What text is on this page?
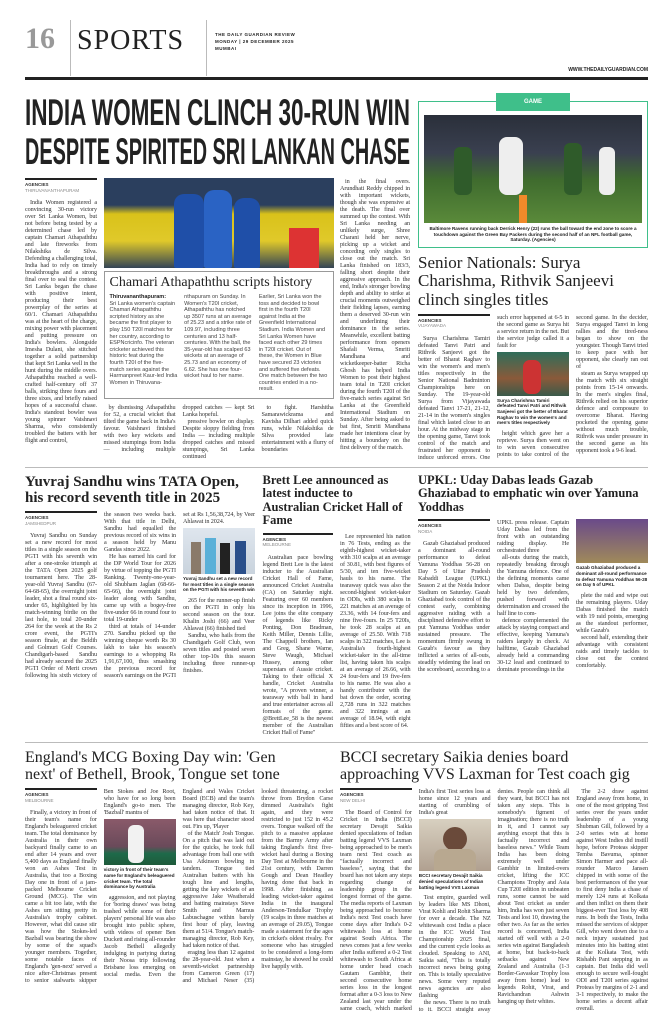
16 SPORTS	THE DAILY GUARDIAN REVIEW
MONDAY | 29 DECEMBER 2025
MUMBAI
WWW.THEDAILYGUARDIAN.COM
INDIA WOMEN CLINCH 30-RUN WIN
DESPITE SPIRITED SRI LANKAN CHASE
AGENCIES
THIRUVANANTHAPURAM
India Women registered a convincing 30-run victory over Sri Lanka Women, but not before being tested by a determined chase led by captain Chamari Athapaththu and late fireworks from Nilakshika de Silva. Defending a challenging total, India had to rely on timely breakthroughs and a strong final over to seal the contest. Sri Lanka began the chase with positive intent, producing their best powerplay of the series at 60/1. Chamari Athapaththu was at the heart of the charge, mixing power with placement and putting pressure on India's bowlers. Alongside Imesha Dulani, she stitched together a solid partnership that kept Sri Lanka well in the hunt during the middle overs. Athapaththu reached a well-crafted half-century off 37 balls, striking three fours and three sixes, and briefly raised hopes of a successful chase. India's standout bowler was young spinner Vaishnavi Sharma, who consistently troubled the batters with her flight and control,
Chamari Athapaththu scripts history
Thiruvananthapuram:
Sri Lanka women's captain Chamari Athapaththu scripted history as she became the first player to play 150 T20I matches for her country, according to ESPNcricinfo. The veteran cricketer achieved this historic feat during the fourth T20I of the five-match series against the Harmanpreet Kaur-led India Women in Thiruvana-
nthapuram on Sunday. In Women's T20I cricket, Athapaththu has notched up 3507 runs at an average of 25.23 and a strike rate of 109.97, including three centuries and 13 half-centuries. With the ball, the 35-year-old has scalped 63 wickets at an average of 25.73 and an economy of 6.62. She has one four-wicket haul to her name.
Earlier, Sri Lanka won the toss and decided to bowl first in the fourth T20I against India at the Greenfield International Stadium. India Women and Sri Lanka Women have faced each other 29 times in T20I cricket. Out of these, the Women in Blue have secured 23 victories and suffered five defeats. One match between the two countries ended in a no-result.
by dismissing Athapaththu for 52, a crucial wicket that tilted the game back in India's favour. Vaishnavi finished with two key wickets and missed stumpings from India — including multiple dropped catches — kept Sri Lanka hopeful.
pressive bowler on display. Despite sloppy fielding from India — including multiple dropped catches and missed stumpings, Sri Lanka continued
to fight. Harshitha Samarawickrama and Kavisha Dilhari added quick runs, while Nilakshika de Silva provided late entertainment with a flurry of boundaries
in the final overs. Arundhati Reddy chipped in with important wickets, though she was expensive at the death. The final over summed up the contest. With Sri Lanka needing an unlikely surge, Shree Charani held her nerve, picking up a wicket and conceding only singles to close out the match. Sri Lanka finished on 183/3, falling short despite their aggressive approach. In the end, India's stronger bowling depth and ability to strike at crucial moments outweighed their fielding lapses, earning them a deserved 30-run win and underlining their dominance in the series. Meanwhile, excellent batting performance from openers Shafali Verma, Smriti Mandhana and wicketkeeper-batter Richa Ghosh has helped India Women to post their highest team total in T20I cricket during the fourth T20I of the five-match series against Sri Lanka at the Greenfield International Stadium on Sunday. After being asked to bat first, Smriti Mandhana made her intentions clear by hitting a boundary on the first delivery of the match.
GAME
Baltimore Ravens running back Derrick Henry (22) runs the ball toward the end zone to score a touchdown against the Green Bay Packers during the second half of an NFL football game, Saturday. (Agencies)
Senior Nationals: Surya Charishma, Rithvik Sanjeevi clinch singles titles
AGENCIES
VIJAYAWADA
Surya Charishma Tamiri defeated Tanvi Patri and Rithvik Sanjeevi got the better of Bharat Raghav to win the women's and men's titles respectively in the Senior National Badminton Championships here on Sunday. The 19-year-old Surya from Vijayawada defeated Tanvi 17-21, 21-12, 21-14 in the women's singles final which lasted close to an hour. At the midway stage in the opening game, Tanvi took control of the match and frustrated her opponent to induce unforced errors. One such error happened at 6-5 in the second game as Surya hit a service return in the net. But the service judge called it a fault for
Surya Charishma Tamiri defeated Tanvi Patri and Rithvik Sanjeevi got the better of Bharat Raghav to win the women's and men's titles respectively
height which gave her a reprieve. Surya then went on to win seven consecutive points to take control of the second game. In the decider, Surya engaged Tanvi in long rallies and the tired-ness began to show on the youngster. Though Tanvi tried to keep pace with her opponent, she clearly ran out of
steam as Surya wrapped up the match with six straight points from 15-14 onwards. In the men's singles final, Rithvik relied on his superior defence and composure to overcome Bharat. Having pocketed the opening game without much trouble, Rithvik was under pressure in the second game as his opponent took a 9-6 lead.
Yuvraj Sandhu wins TATA Open, his record seventh title in 2025
AGENCIES
JAMSHEDPUR
Yuvraj Sandhu on Sunday set a new record for most titles in a single season on the PGTI with his seventh win after a one-stroke triumph at the TATA Open 2025 golf tournament here. The 28-year-old Yuvraj Sandhu (67-64-68-65), the overnight joint leader, shot a final round six-under 65, highlighted by his match-winning birdie on the last hole, to total 20-under 264 for the week at the Rs 2 crore event, the PGTI's season finale, at the Beldih and Golmuri Golf Courses. Chandigarh-based Sandhu had already secured the 2025 PGTI Order of Merit crown following his sixth victory of the season two weeks back. With that title in Delhi, Sandhu had equalled the previous record of six wins in a season held by Manu Gandas since 2022.
He has earned his card for the DP World Tour for 2026 by virtue of topping the PGTI Ranking. Twenty-one-year-old Shubham Jaglan (68-66-65-66), the overnight joint leader along with Sandhu, came up with a bogey-free five-under 66 in round four to total 19-under
third at totals of 14-under 270. Sandhu picked up the winning cheque worth Rs 30 lakh to take his season's earnings to a whopping Rs 1,91,67,100, thus smashing the previous record for season's earnings on the PGTI set at Rs 1,56,38,724, by Veer Ahlawat in 2024.
Yuvraj Sandhu set a new record for most titles in a single season on the PGTI with his seventh win
265 for the runner-up finish on the PGTI in only his second season on the tour. Khalin Joshi (66) and Veer Ahlawat (66) finished tied
Sandhu, who hails from the Chandigarh Golf Club, won seven titles and posted seven other top-10s this season including three runner-up finishes.
Brett Lee announced as latest inductee to Australian Cricket Hall of Fame
AGENCIES
MELBOURNE
Australian pace bowling legend Brett Lee is the latest inducter to the Australian Cricket Hall of Fame, announced Cricket Australia (CA) on Saturday night. Featuring over 60 members since its inception in 1996, Lee joins the elite company of legends like Ricky Ponting, Don Bradman, Keith Miller, Dennis Lillie, The Chappell brothers, Ian and Greg, Shane Warne, Steve Waugh, Michael Hussey, among other superstars of Aussie cricket. Taking to their official X handle, Cricket Australia wrote, "A proven winner, a tearaway with ball in hand and true entertainer across all formats of the game. @BrettLee_58 is the newest member of the Australian Cricket Hall of Fame"
Lee represented his nation in 76 Tests, ending as the eighth-highest wicket-taker with 310 scalps at an average of 30.81, with best figures of 5/30, and ten five-wicket hauls to his name. The tearaway quick was also the second-highest wicket-taker in ODIs, with 380 scalps in 221 matches at an average of 23.36, with 14 four-fers and nine five-fours. In 25 T20Is, he took 28 scalps at an average of 25.50. With 718 scalps in 322 matches, Lee is Australia's fourth-highest wicket-taker in the all-time list, having taken his scalps at an average of 26.66, with 24 four-fers and 19 five-fers to his name. He was also a handy contributor with the bat down the order, scoring 2,728 runs in 322 matches and 322 innings at an average of 18.94, with eight fifties and a best score of 64.
UPKL: Uday Dabas leads Gazab Ghaziabad to emphatic win over Yamuna Yoddhas
AGENCIES
NOIDA
Gazab Ghaziabad produced a dominant all-round performance to defeat Yamuna Yoddhas 56-28 on Day 5 of Uttar Pradesh Kabaddi League (UPKL) Season 2 at the Noida Indoor Stadium on Saturday. Gazab Ghaziabad took control of the contest early, combining aggressive raiding with a disciplined defensive effort to put Yamuna Yoddhas under sustained pressure. The momentum firmly swung in Gazab's favour as they inflicted a series of all-outs, steadily widening the lead on the scoreboard, according to a UPKL press release. Captain Uday Dabas led from the front with an outstanding raiding display. He orchestrated three
all-outs during the match, repeatedly breaking through the Yamuna defence. One of the defining moments came when Dabas, despite being held by two defenders, pushed forward with determination and crossed the half line to com-
defence complemented the attack by staying compact and effective, keeping Yamuna's raiders largely in check. At halftime, Gazab Ghaziabad already held a commanding 30-12 lead and continued to dominate proceedings in the
Gazab Ghaziabad produced a dominant all-round performance to defeat Yamuna Yoddhas 56-28 on Day 5 of UPKL
plete the raid and wipe out the remaining players. Uday Dabas finished the match with 19 raid points, emerging as the standout performer, while Gazab's
second half, extending their advantage with consistent raids and timely tackles to close out the contest comfortably.
England's MCG Boxing Day win: 'Gen
next' of Bethell, Brook, Tongue set tone
AGENCIES
MELBOURNE
Finally, a victory in front of their team's name for England's beleaguered cricket team. The total dominance by Australia in their own backyard finally came to an end after 14 years and over 5,400 days as England finally won an Ashes Test in Australia, that too a Boxing Day one in front of a jam-packed Melbourne Cricket Ground (MCG). The win came a bit too late, with the Ashes urn sitting pretty in Australia's trophy cabinet. However, what did cause stir was how the Stokes-led Bazball was bearing the show by some of the squad's younger members. Together, some notable faces of England's 'gen-next' served a nice after-Christmas present to senior stalwarts skipper Ben Stokes and Joe Root, who have for so long been England's go-to men. The 'Bazball' mantra of
victory in front of their team's name for England's beleaguered cricket team. The total dominance by Australia
aggression, and not playing for 'boring draws' was being trashed while some of their players' personal life was also brought into public sphere, with videos of opener Ben Duckett and rising all-rounder Jacob Bethell allegedly indulging in partying during their Noosa trip following Brisbane loss emerging on social media. Even the England and Wales Cricket Board (ECB) and the team's managing director, Rob Key, had taken notice of that. It was here that character stood out. Firs up, 'Player
of the Match' Josh Tongue. On a pitch that was laid out for the quicks, he took full advantage from ball one with Usa Atkinson bowling in tandem. Tongue tied Australian batters with his tough line and lengths, getting the key wickets of an aggressive Jake Weatherald and batting mainstays Steve Smith and Marnus Labuschagne within barely first hour of play, leaving them at 51/4. Tongue's match-managing director, Rob Key, had taken notice of that.
eraging less than 12 against the 28-year-old. Just when a seventh-wicket partnership from Cameron Green (17) and Michael Neser (35) looked threatening, a rocket throw from Brydon Carse dimmed Australia's fight again, and they were restricted to just 152 in 45.2 overs. Tongue walked off the pitch to a massive applause from the Barmy Army after taking England's first five-wicket haul during a Boxing Day Test at Melbourne in the 21st century, with Darren Gough and Dean Headley having done that back in 1998. After finishing as leading wicket-taker against India in the inaugural Anderson-Tendulkar Trophy (19 scalps in three matches at an average of 29.05), Tongue made a statement for the ages in cricket's oldest rivalry. For someone who has struggled to be considered a long-form mainstay, he showed he could live happily with.
BCCI secretary Saikia denies board
approaching VVS Laxman for Test coach gig
AGENCIES
NEW DELHI
The Board of Control for Cricket in India (BCCI) secretary Devajit Saikia denied speculations of Indian batting legend VVS Laxman being approached to be men's team next Test coach as "factually incorrect and baseless", saying that the board has not taken any steps regarding change of leadership group in the longest format of the game. The media reports of Laxman being approached to become India's next Test coach have come days after India's 0-2 whitewash loss at home against South Africa. The news comes just a few weeks after India suffered a 0-2 Test whitewash to South Africa at home under head coach Gautam Gambhir, their second consecutive home series loss in the longest format after a 0-3 loss to New Zealand last year under the same coach, which marked India's first Test series loss at home since 12 years and starting of crumbling of India's great
BCCI secretary Devajit Saikia denied speculations of Indian batting legend VVS Laxman
Test empire, guarded well by leaders like MS Dhoni, Virat Kohli and Rohit Sharma for over a decade. The NZ whitewash cost India a place in the ICC World Test Championship 2025 final, and the current cycle looks as clouded. Speaking to ANI, Saikia said, "This is totally incorrect news being going on. This is totally speculative news. Some very reputed news agencies are also flashing
the news. There is no truth to it. BCCI straight away denies. People can think all they want, but BCCI has not taken any steps. This is somebody's figment of imagination; there is no truth in it, and I cannot say anything except that this is factually incorrect and baseless news." While Team India has been doing extremely well under Gambhir in limited-overs cricket, lifting the ICC Champions Trophy and Asia Cup T20I edition in unbeaten runs, some cannot be said about Test cricket as under him, India has won just seven Tests and lost 10, drawing the other two. As far as the series record is concerned, India started off well with a 2-0 series win against Bangladesh at home, but back-to-back setbacks against New Zealand and Australia (1-3 Border-Gavaskar Trophy loss away from home) lead to legends Rohit, Virat, and Ravichandran Ashwin hanging up their whites.
The 2-2 draw against England away from home, in one of the most gripping Test series over the years under leadership of a young Shubman Gill, followed by a 2-0 series win at home against West Indies did instill hope, before Proteas skipper Temba Bavuma, spinner Simon Harmer and pace all-rounder Marco Jansen chipped in with some of the best performances of the year to first deny India a chase of merely 124 runs at Kolkata and then inflict on them their biggest-ever Test loss by 408 runs. In both the Tests, India missed the services of skipper Gill, who went down due to a neck injury sustained just minutes into his batting stint at the Kolkata Test, with Rishabh Pant stepping in as captain. But India did well enough to secure well-fought ODI and T20I series against Proteas by margins of 2-1 and 3-1 respectively, to make the home series a decent affair overall.
